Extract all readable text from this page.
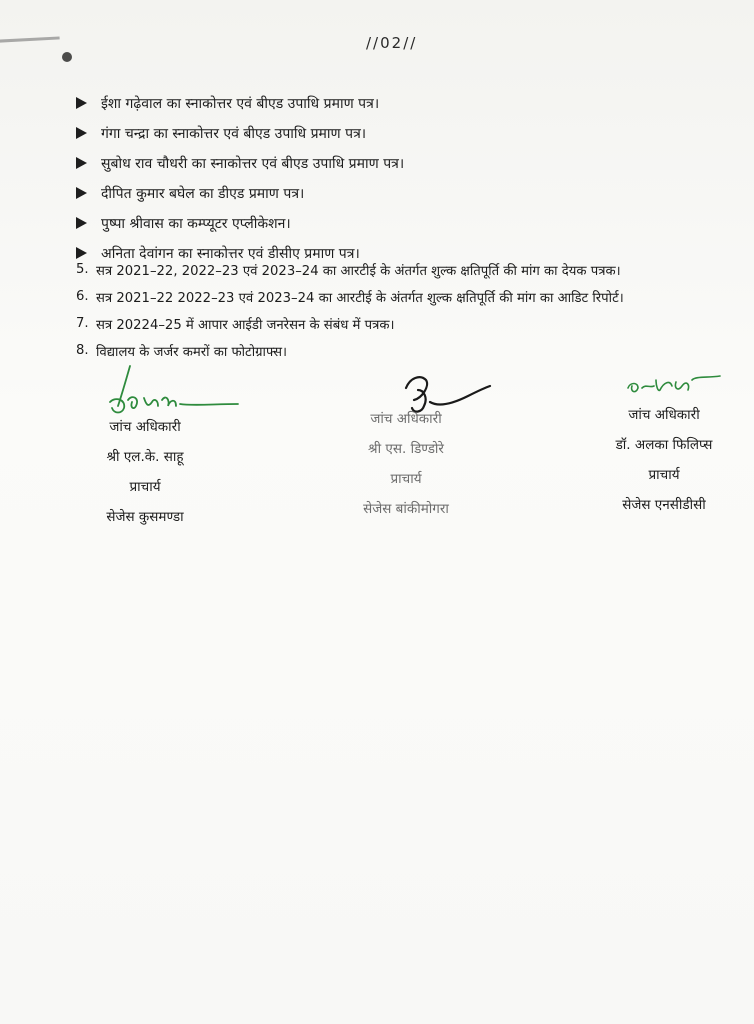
//02//
ईशा गढ़ेवाल का स्नाकोत्तर एवं बीएड उपाधि प्रमाण पत्र।
गंगा चन्द्रा का स्नाकोत्तर एवं बीएड उपाधि प्रमाण पत्र।
सुबोध राव चौधरी का स्नाकोत्तर एवं बीएड उपाधि प्रमाण पत्र।
दीपित कुमार बघेल का डीएड प्रमाण पत्र।
पुष्पा श्रीवास का कम्प्यूटर एप्लीकेशन।
अनिता देवांगन का स्नाकोत्तर एवं डीसीए प्रमाण पत्र।
5. सत्र 2021–22, 2022–23 एवं 2023–24 का आरटीई के अंतर्गत शुल्क क्षतिपूर्ति की मांग का देयक पत्रक।
6. सत्र 2021–22 2022–23 एवं 2023–24 का आरटीई के अंतर्गत शुल्क क्षतिपूर्ति की मांग का आडिट रिपोर्ट।
7. सत्र 20224–25 में आपार आईडी जनरेसन के संबंध में पत्रक।
8. विद्यालय के जर्जर कमरों का फोटोग्राफ्स।
जांच अधिकारी
श्री एल.के. साहू
प्राचार्य
सेजेस कुसमण्डा
जांच अधिकारी
श्री एस. डिण्डोरे
प्राचार्य
सेजेस बांकीमोगरा
जांच अधिकारी
डॉ. अलका फिलिप्स
प्राचार्य
सेजेस एनसीडीसी
